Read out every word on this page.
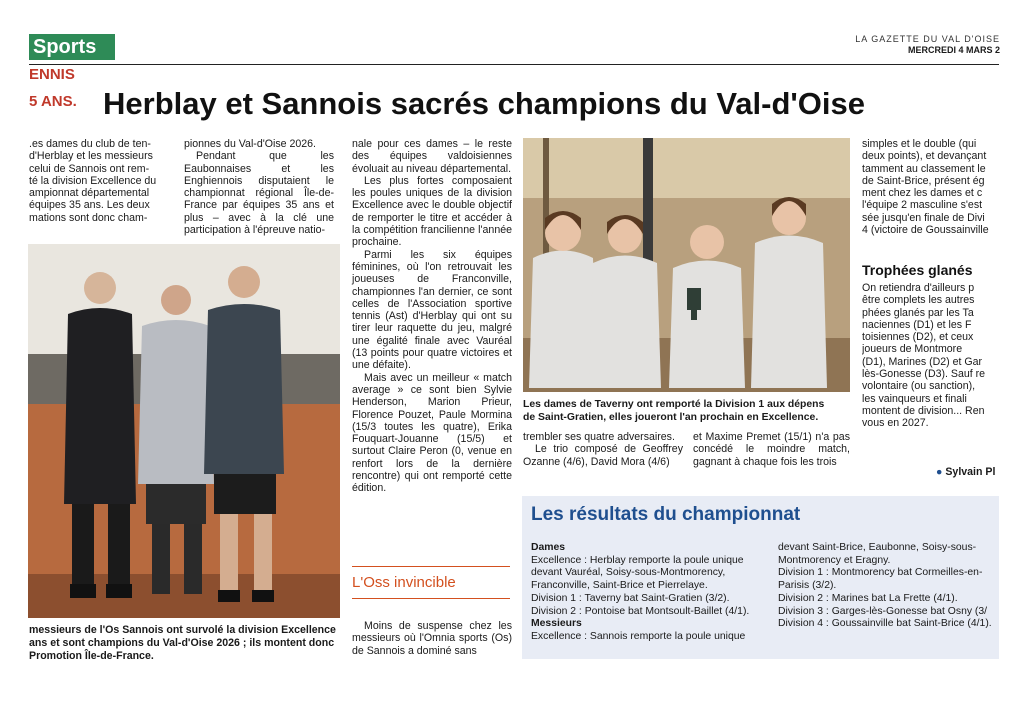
Sports	LA GAZETTE DU VAL D'OISE
MERCREDI 4 MARS 2
ENNIS
5 ANS. Herblay et Sannois sacrés champions du Val-d'Oise

.es dames du club de ten-

d'Herblay et les messieurs

celui de Sannois ont rem-

té la division Excellence du

ampionnat départemental

équipes 35 ans. Les deux

mations sont donc cham-

pionnes du Val-d'Oise 2026.

Pendant que les Eaubonnaises et les Enghiennois disputaient le championnat régional Île-de-France par équipes 35 ans et plus – avec à la clé une participation à l'épreuve natio-

messieurs de l'Os Sannois ont survolé la division Excellence
ans et sont champions du Val-d'Oise 2026 ; ils montent donc
Promotion Île-de-France.

nale pour ces dames – le reste des équipes valdoisiennes évoluait au niveau départemental.

Les plus fortes composaient les poules uniques de la division Excellence avec le double objectif de remporter le titre et accéder à la compétition francilienne l'année prochaine.

Parmi les six équipes féminines, où l'on retrouvait les joueuses de Franconville, championnes l'an dernier, ce sont celles de l'Association sportive tennis (Ast) d'Herblay qui ont su tirer leur raquette du jeu, malgré une égalité finale avec Vauréal (13 points pour quatre victoires et une défaite).

Mais avec un meilleur « match average » ce sont bien Sylvie Henderson, Marion Prieur, Florence Pouzet, Paule Mormina (15/3 toutes les quatre), Erika Fouquart-Jouanne (15/5) et surtout Claire Peron (0, venue en renfort lors de la dernière rencontre) qui ont remporté cette édition.

L'Oss invincible

Moins de suspense chez les messieurs où l'Omnia sports (Os) de Sannois a dominé sans

Les dames de Taverny ont remporté la Division 1 aux dépens
de Saint-Gratien, elles joueront l'an prochain en Excellence.

trembler ses quatre adversaires.

Le trio composé de Geoffrey Ozanne (4/6), David Mora (4/6)

et Maxime Premet (15/1) n'a pas concédé le moindre match, gagnant à chaque fois les trois

simples et le double (qui

deux points), et devançant

tamment au classement le

de Saint-Brice, présent ég

ment chez les dames et c

l'équipe 2 masculine s'est

sée jusqu'en finale de Divi

4 (victoire de Goussainville

Trophées glanés

On retiendra d'ailleurs p

être complets les autres

phées glanés par les Ta

naciennes (D1) et les F

toisiennes (D2), et ceux

joueurs de Montmore

(D1), Marines (D2) et Gar

lès-Gonesse (D3). Sauf re

volontaire (ou sanction),

les vainqueurs et finali

montent de division... Ren

vous en 2027.

● Sylvain Pl
Les résultats du championnat

Dames

Excellence : Herblay remporte la poule unique devant Vauréal, Soisy-sous-Montmorency, Franconville, Saint-Brice et Pierrelaye.

Division 1 : Taverny bat Saint-Gratien (3/2).

Division 2 : Pontoise bat Montsoult-Baillet (4/1).

Messieurs

Excellence : Sannois remporte la poule unique

devant Saint-Brice, Eaubonne, Soisy-sous-Montmorency et Eragny.

Division 1 : Montmorency bat Cormeilles-en-Parisis (3/2).

Division 2 : Marines bat La Frette (4/1).

Division 3 : Garges-lès-Gonesse bat Osny (3/

Division 4 : Goussainville bat Saint-Brice (4/1).
